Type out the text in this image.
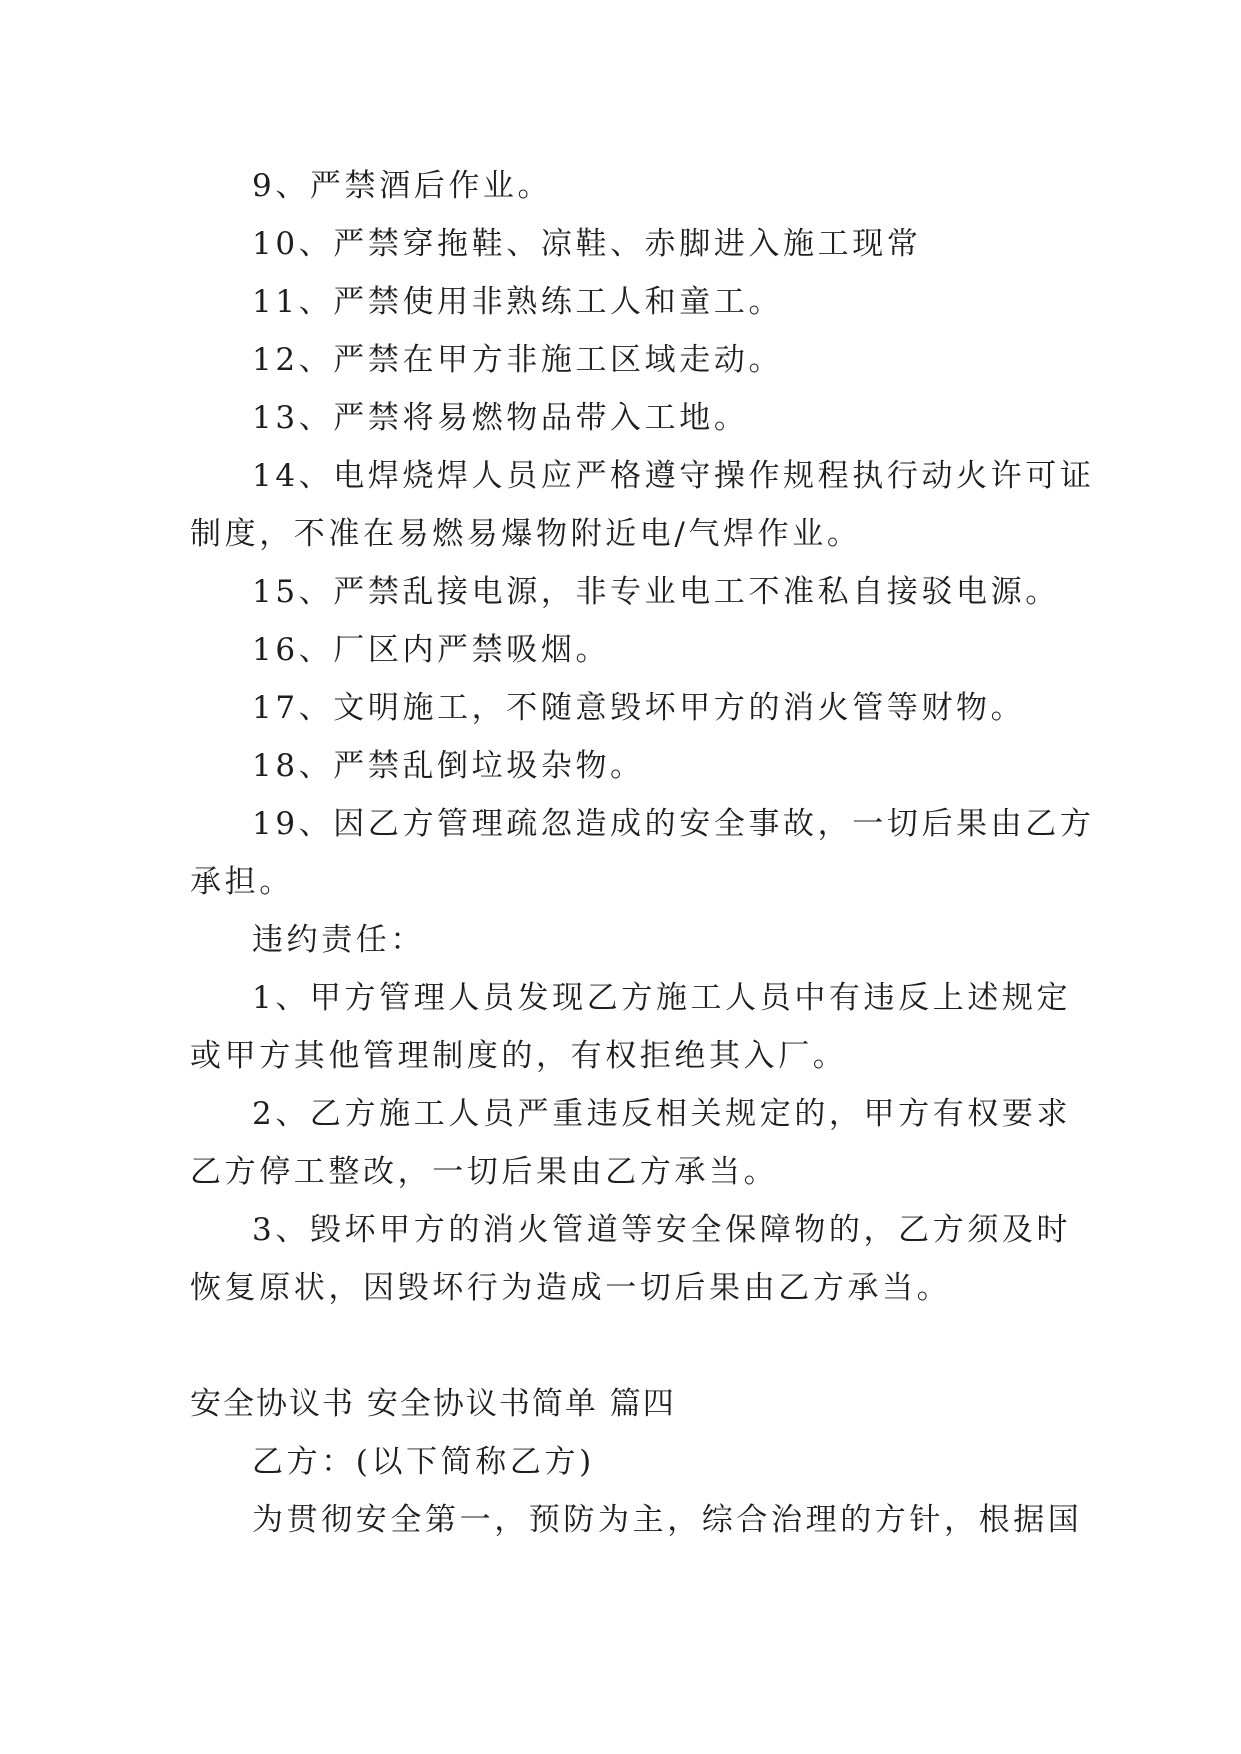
9、严禁酒后作业。

10、严禁穿拖鞋、凉鞋、赤脚进入施工现常

11、严禁使用非熟练工人和童工。

12、严禁在甲方非施工区域走动。

13、严禁将易燃物品带入工地。

14、电焊烧焊人员应严格遵守操作规程执行动火许可证

制度，不准在易燃易爆物附近电/气焊作业。

15、严禁乱接电源，非专业电工不准私自接驳电源。

16、厂区内严禁吸烟。

17、文明施工，不随意毁坏甲方的消火管等财物。

18、严禁乱倒垃圾杂物。

19、因乙方管理疏忽造成的安全事故，一切后果由乙方

承担。

违约责任：

1、甲方管理人员发现乙方施工人员中有违反上述规定

或甲方其他管理制度的，有权拒绝其入厂。

2、乙方施工人员严重违反相关规定的，甲方有权要求

乙方停工整改，一切后果由乙方承当。

3、毁坏甲方的消火管道等安全保障物的，乙方须及时

恢复原状，因毁坏行为造成一切后果由乙方承当。

安全协议书 安全协议书简单 篇四

乙方：(以下简称乙方)

为贯彻安全第一，预防为主，综合治理的方针，根据国
